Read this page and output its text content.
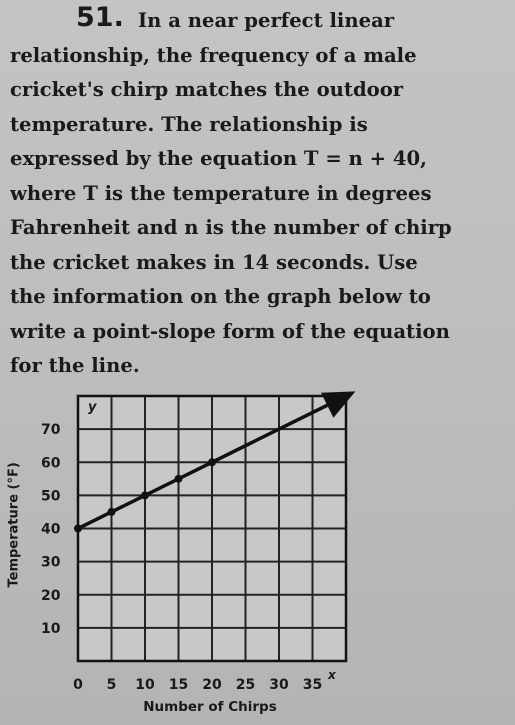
51. In a near perfect linear
relationship, the frequency of a male
cricket's chirp matches the outdoor
temperature. The relationship is
expressed by the equation T = n + 40,
where T is the temperature in degrees
Fahrenheit and n is the number of chirp
the cricket makes in 14 seconds. Use
the information on the graph below to
write a point-slope form of the equation
for the line.
10
20
30
40
50
60
70
0 5 10 15 20 25 30 35
y
x
Temperature (°F)
Number of Chirps
